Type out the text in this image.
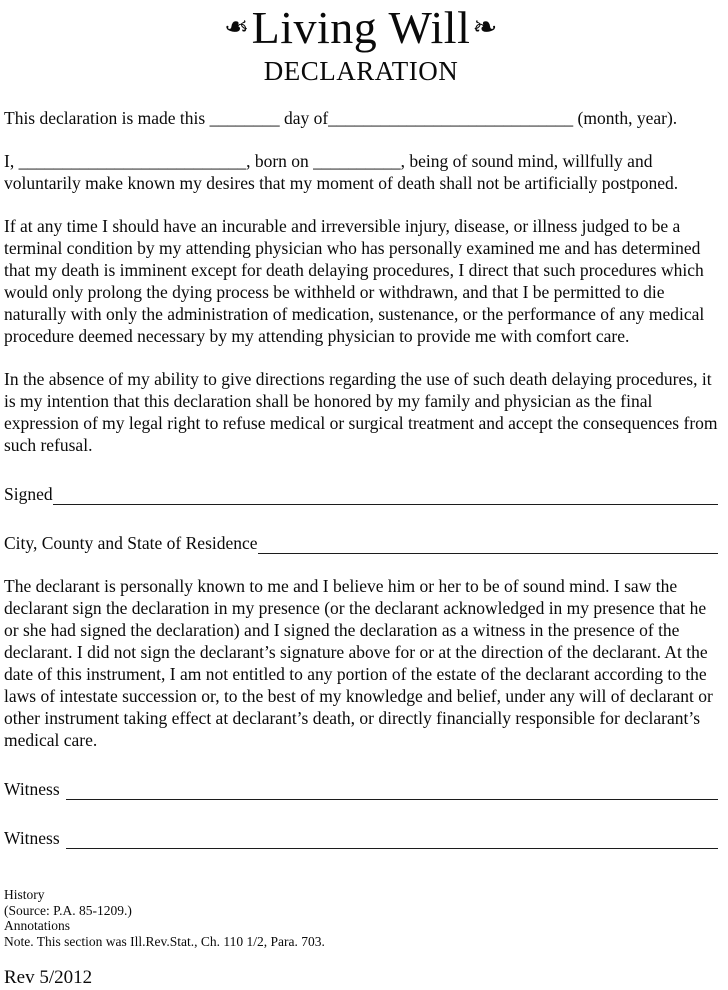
❧Living Will❧
DECLARATION

This declaration is made this ________ day of____________________________ (month, year).

I, __________________________, born on __________, being of sound mind, willfully and voluntarily make known my desires that my moment of death shall not be artificially postponed.

If at any time I should have an incurable and irreversible injury, disease, or illness judged to be a terminal condition by my attending physician who has personally examined me and has determined that my death is imminent except for death delaying procedures, I direct that such procedures which would only prolong the dying process be withheld or withdrawn, and that I be permitted to die naturally with only the administration of medication, sustenance, or the performance of any medical procedure deemed necessary by my attending physician to provide me with comfort care.

In the absence of my ability to give directions regarding the use of such death delaying procedures, it is my intention that this declaration shall be honored by my family and physician as the final expression of my legal right to refuse medical or surgical treatment and accept the consequences from such refusal.

Signed
City, County and State of Residence

The declarant is personally known to me and I believe him or her to be of sound mind. I saw the declarant sign the declaration in my presence (or the declarant acknowledged in my presence that he or she had signed the declaration) and I signed the declaration as a witness in the presence of the declarant. I did not sign the declarant’s signature above for or at the direction of the declarant. At the date of this instrument, I am not entitled to any portion of the estate of the declarant according to the laws of intestate succession or, to the best of my knowledge and belief, under any will of declarant or other instrument taking effect at declarant’s death, or directly financially responsible for declarant’s medical care.

Witness
Witness
History
(Source: P.A. 85-1209.)
Annotations
Note. This section was Ill.Rev.Stat., Ch. 110 1/2, Para. 703.
Rev 5/2012
